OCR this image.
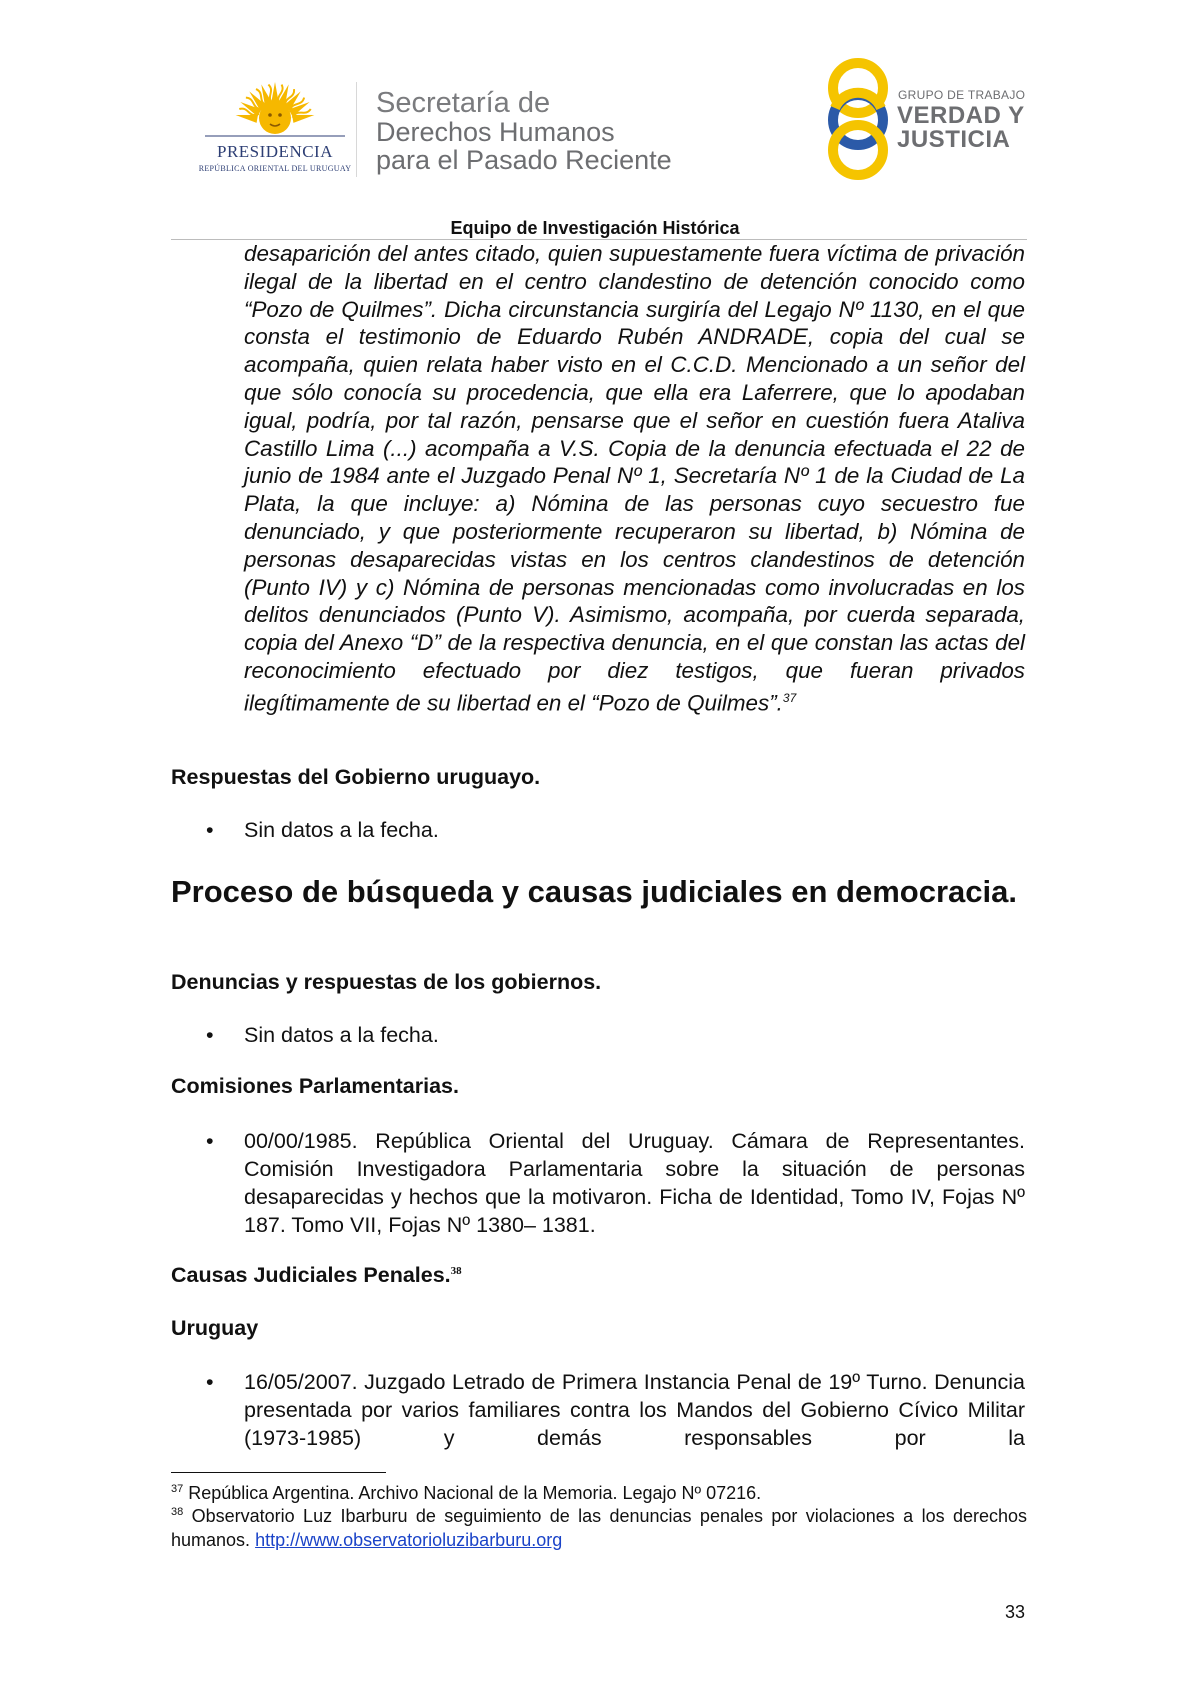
PRESIDENCIA
REPÚBLICA ORIENTAL DEL URUGUAY
Secretaría de
Derechos Humanos
para el Pasado Reciente
GRUPO DE TRABAJO
VERDAD Y
JUSTICIA
Equipo de Investigación Histórica
desaparición del antes citado, quien supuestamente fuera víctima de privación ilegal de la libertad en el centro clandestino de detención conocido como “Pozo de Quilmes”. Dicha circunstancia surgiría del Legajo Nº 1130, en el que consta el testimonio de Eduardo Rubén ANDRADE, copia del cual se acompaña, quien relata haber visto en el C.C.D. Mencionado a un señor del que sólo conocía su procedencia, que ella era Laferrere, que lo apodaban igual, podría, por tal razón, pensarse que el señor en cuestión fuera Ataliva Castillo Lima (...) acompaña a V.S. Copia de la denuncia efectuada el 22 de junio de 1984 ante el Juzgado Penal Nº 1, Secretaría Nº 1 de la Ciudad de La Plata, la que incluye: a) Nómina de las personas cuyo secuestro fue denunciado, y que posteriormente recuperaron su libertad, b) Nómina de personas desaparecidas vistas en los centros clandestinos de detención (Punto IV) y c) Nómina de personas mencionadas como involucradas en los delitos denunciados (Punto V). Asimismo, acompaña, por cuerda separada, copia del Anexo “D” de la respectiva denuncia, en el que constan las actas del reconocimiento efectuado por diez testigos, que fueran privados ilegítimamente de su libertad en el “Pozo de Quilmes”.$^{37}$
Respuestas del Gobierno uruguayo.
• Sin datos a la fecha.
Proceso de búsqueda y causas judiciales en democracia.
Denuncias y respuestas de los gobiernos.
• Sin datos a la fecha.
Comisiones Parlamentarias.
• 00/00/1985. República Oriental del Uruguay. Cámara de Representantes. Comisión Investigadora Parlamentaria sobre la situación de personas desaparecidas y hechos que la motivaron. Ficha de Identidad, Tomo IV, Fojas Nº 187. Tomo VII, Fojas Nº 1380– 1381.
Causas Judiciales Penales.$^{38}$
Uruguay
• 16/05/2007. Juzgado Letrado de Primera Instancia Penal de 19º Turno. Denuncia presentada por varios familiares contra los Mandos del Gobierno Cívico Militar (1973-1985) y demás responsables por la
$^{37}$ República Argentina. Archivo Nacional de la Memoria. Legajo Nº 07216.
$^{38}$ Observatorio Luz Ibarburu de seguimiento de las denuncias penales por violaciones a los derechos humanos. http://www.observatorioluzibarburu.org
33
